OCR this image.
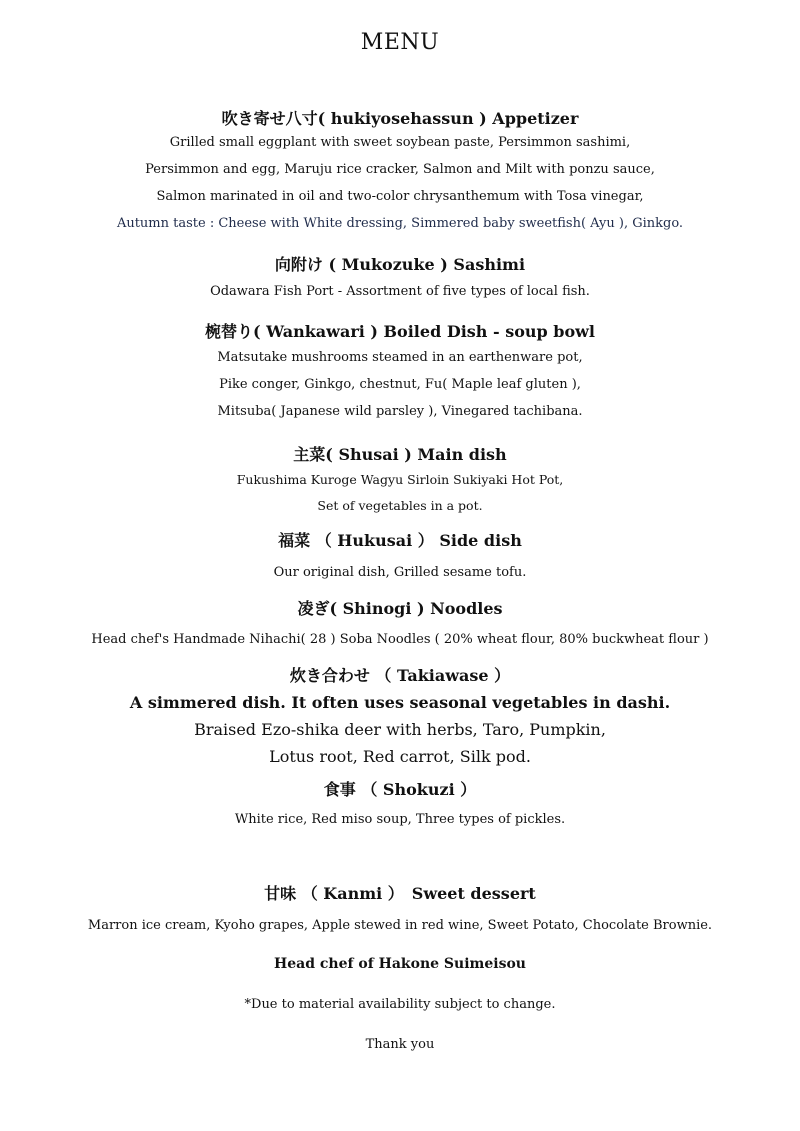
MENU
吹き寄せ八寸( hukiyosehassun ) Appetizer
Grilled small eggplant with sweet soybean paste, Persimmon sashimi,
Persimmon and egg, Maruju rice cracker, Salmon and Milt with ponzu sauce,
Salmon marinated in oil and two-color chrysanthemum with Tosa vinegar,
Autumn taste : Cheese with White dressing, Simmered baby sweetfish( Ayu ), Ginkgo.
向附け ( Mukozuke ) Sashimi
Odawara Fish Port - Assortment of five types of local fish.
椀替り( Wankawari ) Boiled Dish - soup bowl
Matsutake mushrooms steamed in an earthenware pot,
Pike conger, Ginkgo, chestnut, Fu( Maple leaf gluten ),
Mitsuba( Japanese wild parsley ), Vinegared tachibana.
主菜( Shusai ) Main dish
Fukushima Kuroge Wagyu Sirloin Sukiyaki Hot Pot,
Set of vegetables in a pot.
福菜 （ Hukusai ） Side dish
Our original dish, Grilled sesame tofu.
凌ぎ( Shinogi ) Noodles
Head chef's Handmade Nihachi( 28 ) Soba Noodles ( 20% wheat flour, 80% buckwheat flour )
炊き合わせ （ Takiawase ）
A simmered dish. It often uses seasonal vegetables in dashi.
Braised Ezo-shika deer with herbs, Taro, Pumpkin,
Lotus root, Red carrot, Silk pod.
食事 （ Shokuzi ）
White rice, Red miso soup, Three types of pickles.
甘味 （ Kanmi ）　Sweet dessert
Marron ice cream, Kyoho grapes, Apple stewed in red wine, Sweet Potato, Chocolate Brownie.
Head chef of Hakone Suimeisou
*Due to material availability subject to change.
Thank you
